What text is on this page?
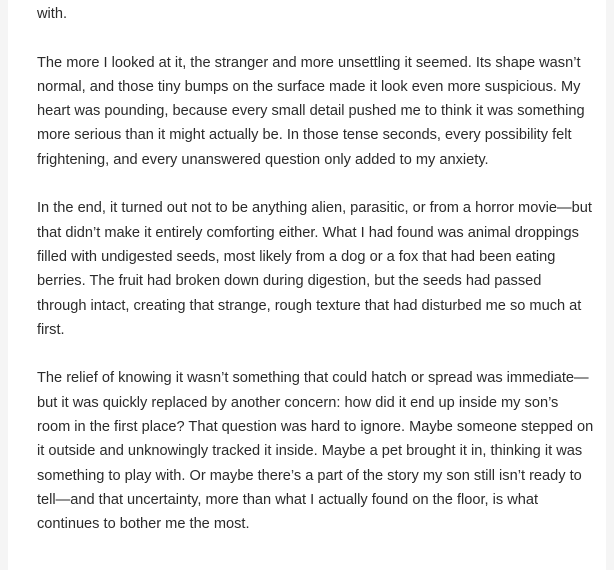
with.

The more I looked at it, the stranger and more unsettling it seemed. Its shape wasn’t normal, and those tiny bumps on the surface made it look even more suspicious. My heart was pounding, because every small detail pushed me to think it was something more serious than it might actually be. In those tense seconds, every possibility felt frightening, and every unanswered question only added to my anxiety.

In the end, it turned out not to be anything alien, parasitic, or from a horror movie—but that didn’t make it entirely comforting either. What I had found was animal droppings filled with undigested seeds, most likely from a dog or a fox that had been eating berries. The fruit had broken down during digestion, but the seeds had passed through intact, creating that strange, rough texture that had disturbed me so much at first.

The relief of knowing it wasn’t something that could hatch or spread was immediate—but it was quickly replaced by another concern: how did it end up inside my son’s room in the first place? That question was hard to ignore. Maybe someone stepped on it outside and unknowingly tracked it inside. Maybe a pet brought it in, thinking it was something to play with. Or maybe there’s a part of the story my son still isn’t ready to tell—and that uncertainty, more than what I actually found on the floor, is what continues to bother me the most.
